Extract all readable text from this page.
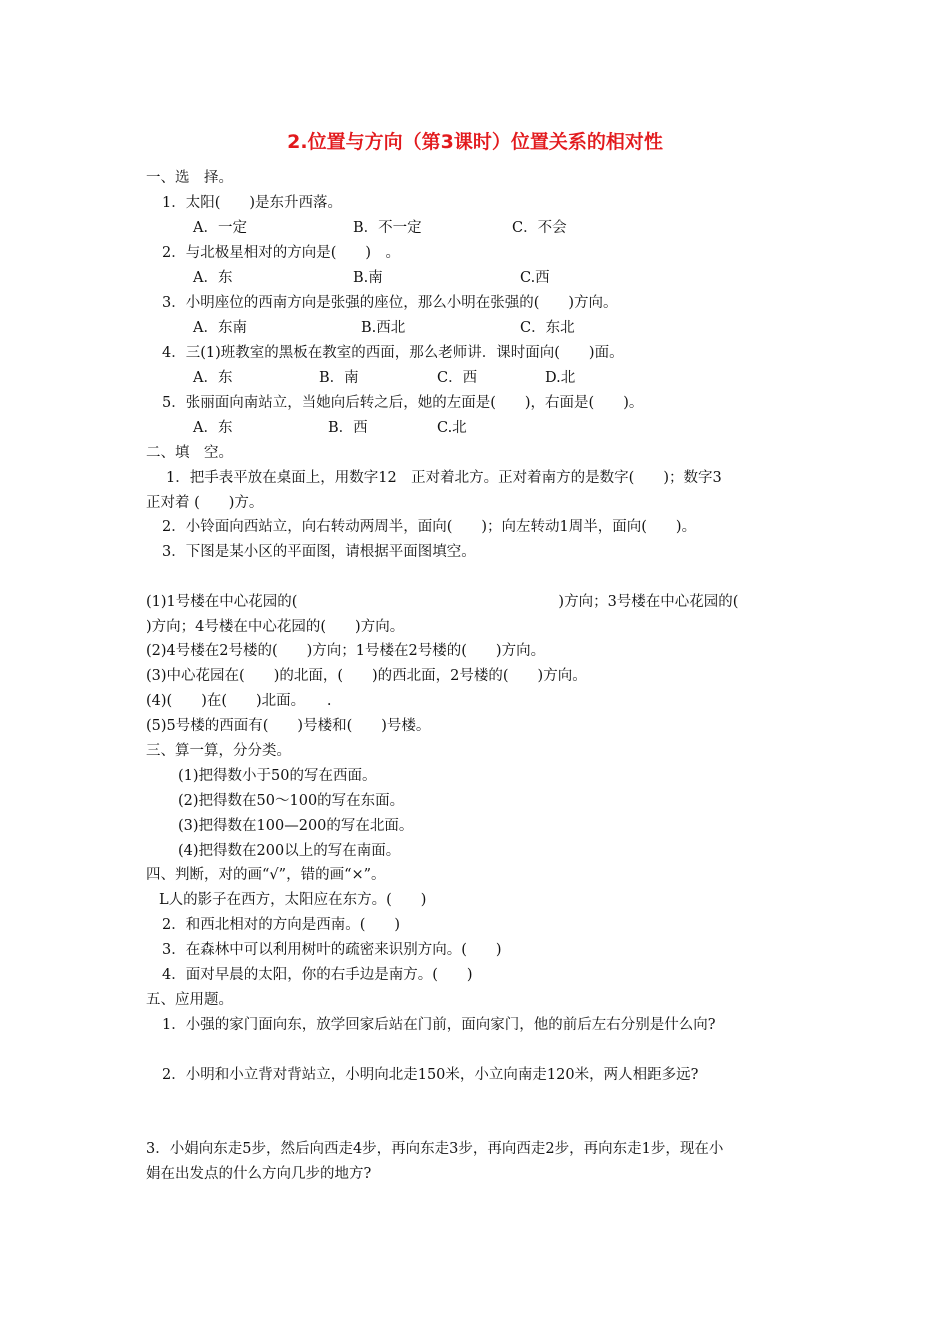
2.位置与方向（第3课时）位置关系的相对性
一、选　择。
1．太阳(　　)是东升西落。
A．一定	B．不一定	C．不会
2．与北极星相对的方向是(　　)　。
A．东	B.南	C.西
3．小明座位的西南方向是张强的座位，那么小明在张强的(　　)方向。
A．东南	B.西北	C．东北
4．三(1)班教室的黑板在教室的西面，那么老师讲．课时面向(　　)面。
A．东	B．南	C．西	D.北
5．张丽面向南站立，当她向后转之后，她的左面是(　　)，右面是(　　)。
A．东	B．西	C.北
二、填　空。
1．把手表平放在桌面上，用数字12　正对着北方。正对着南方的是数字(　　)；数字3
正对着 (　　)方。
2．小铃面向西站立，向右转动两周半，面向(　　)；向左转动1周半，面向(　　)。
3．下图是某小区的平面图，请根据平面图填空。
(1)1号楼在中心花园的(　　　　　　　　　　　　　　　　　　)方向；3号楼在中心花园的(
)方向；4号楼在中心花园的(　　)方向。
(2)4号楼在2号楼的(　　)方向；1号楼在2号楼的(　　)方向。
(3)中心花园在(　　)的北面，(　　)的西北面，2号楼的(　　)方向。
(4)(　　)在(　　)北面。　　.
(5)5号楼的西面有(　　)号楼和(　　)号楼。
三、算一算，分分类。
(1)把得数小于50的写在西面。
(2)把得数在50～100的写在东面。
(3)把得数在100—200的写在北面。
(4)把得数在200以上的写在南面。
四、判断，对的画“√”，错的画“×”。
L人的影子在西方，太阳应在东方。(　　)
2．和西北相对的方向是西南。(　　)
3．在森林中可以利用树叶的疏密来识别方向。(　　)
4．面对早晨的太阳，你的右手边是南方。(　　)
五、应用题。
1．小强的家门面向东，放学回家后站在门前，面向家门，他的前后左右分别是什么向?
2．小明和小立背对背站立，小明向北走150米，小立向南走120米，两人相距多远?
3．小娟向东走5步，然后向西走4步，再向东走3步，再向西走2步，再向东走1步，现在小
娟在出发点的什么方向几步的地方?
